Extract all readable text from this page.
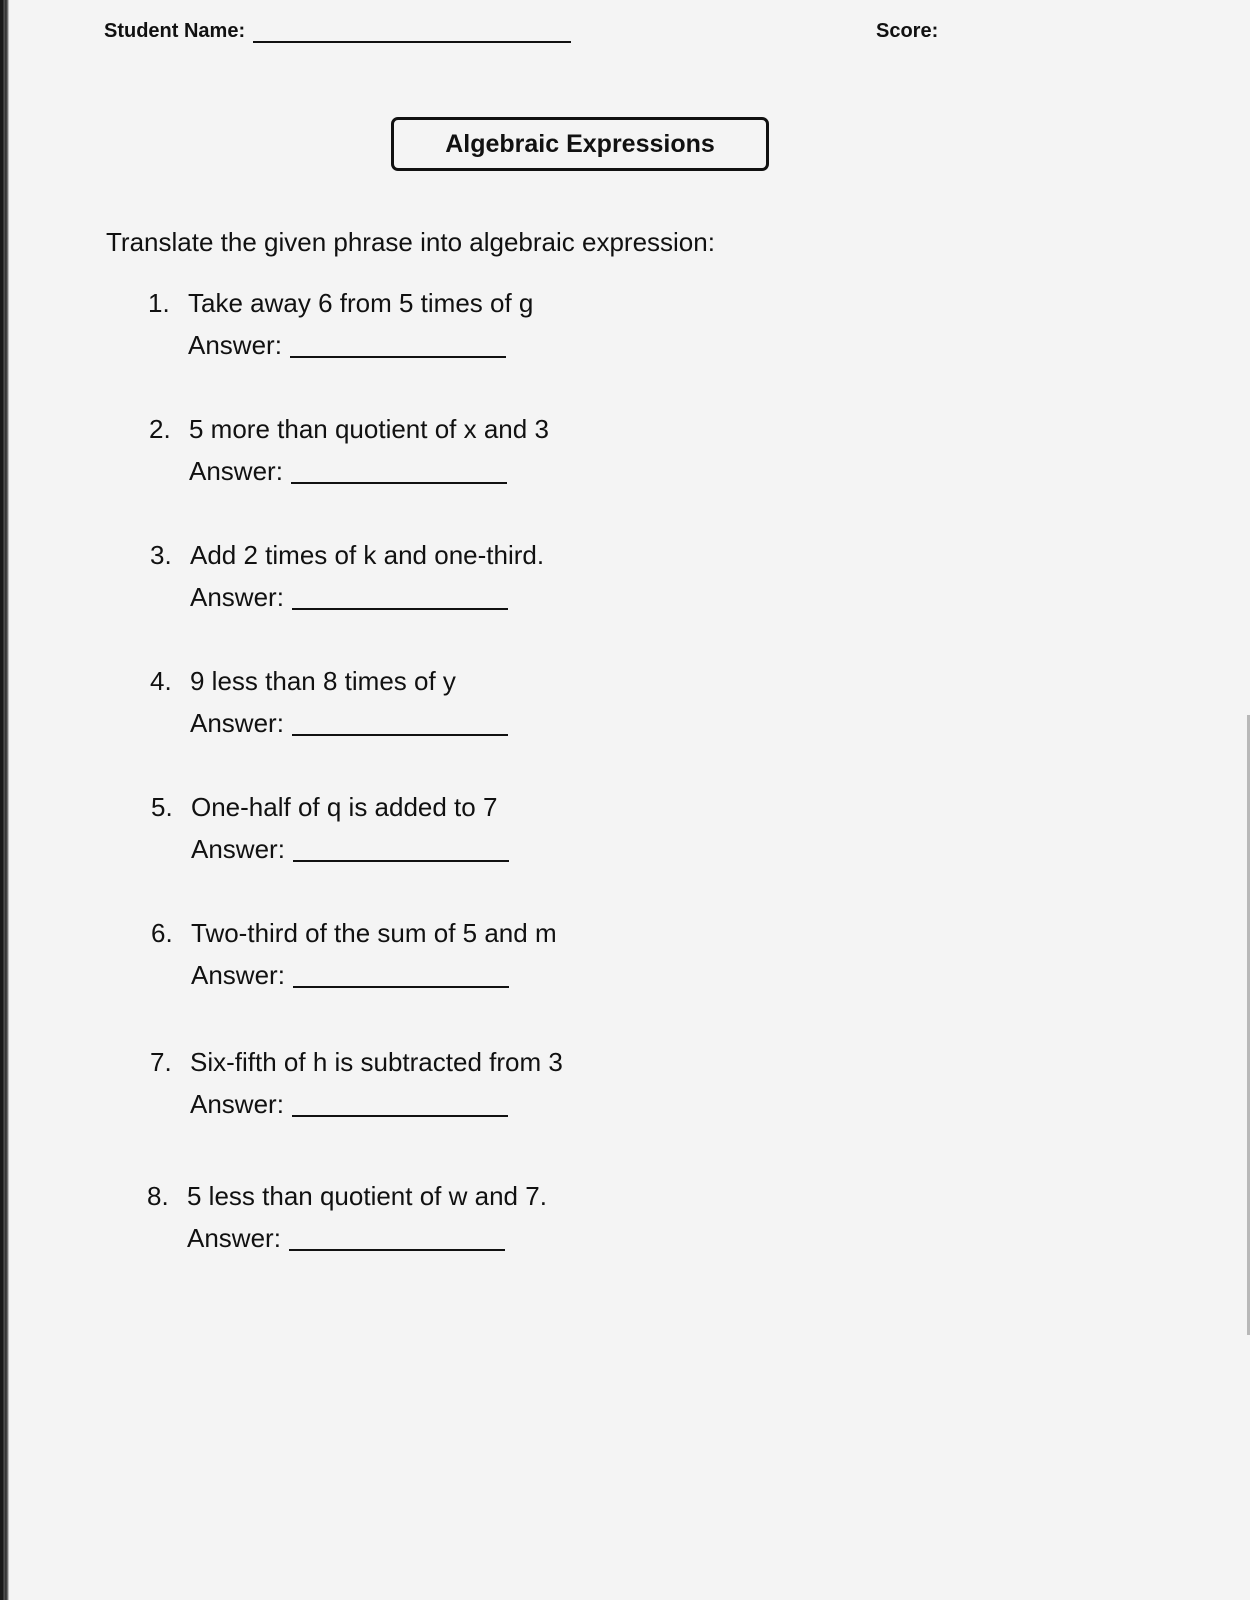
Student Name:	Score:
Algebraic Expressions
Translate the given phrase into algebraic expression:
1. Take away 6 from 5 times of g
Answer:
2. 5 more than quotient of x and 3
Answer:
3. Add 2 times of k and one-third.
Answer:
4. 9 less than 8 times of y
Answer:
5. One-half of q is added to 7
Answer:
6. Two-third of the sum of 5 and m
Answer:
7. Six-fifth of h is subtracted from 3
Answer:
8. 5 less than quotient of w and 7.
Answer:
